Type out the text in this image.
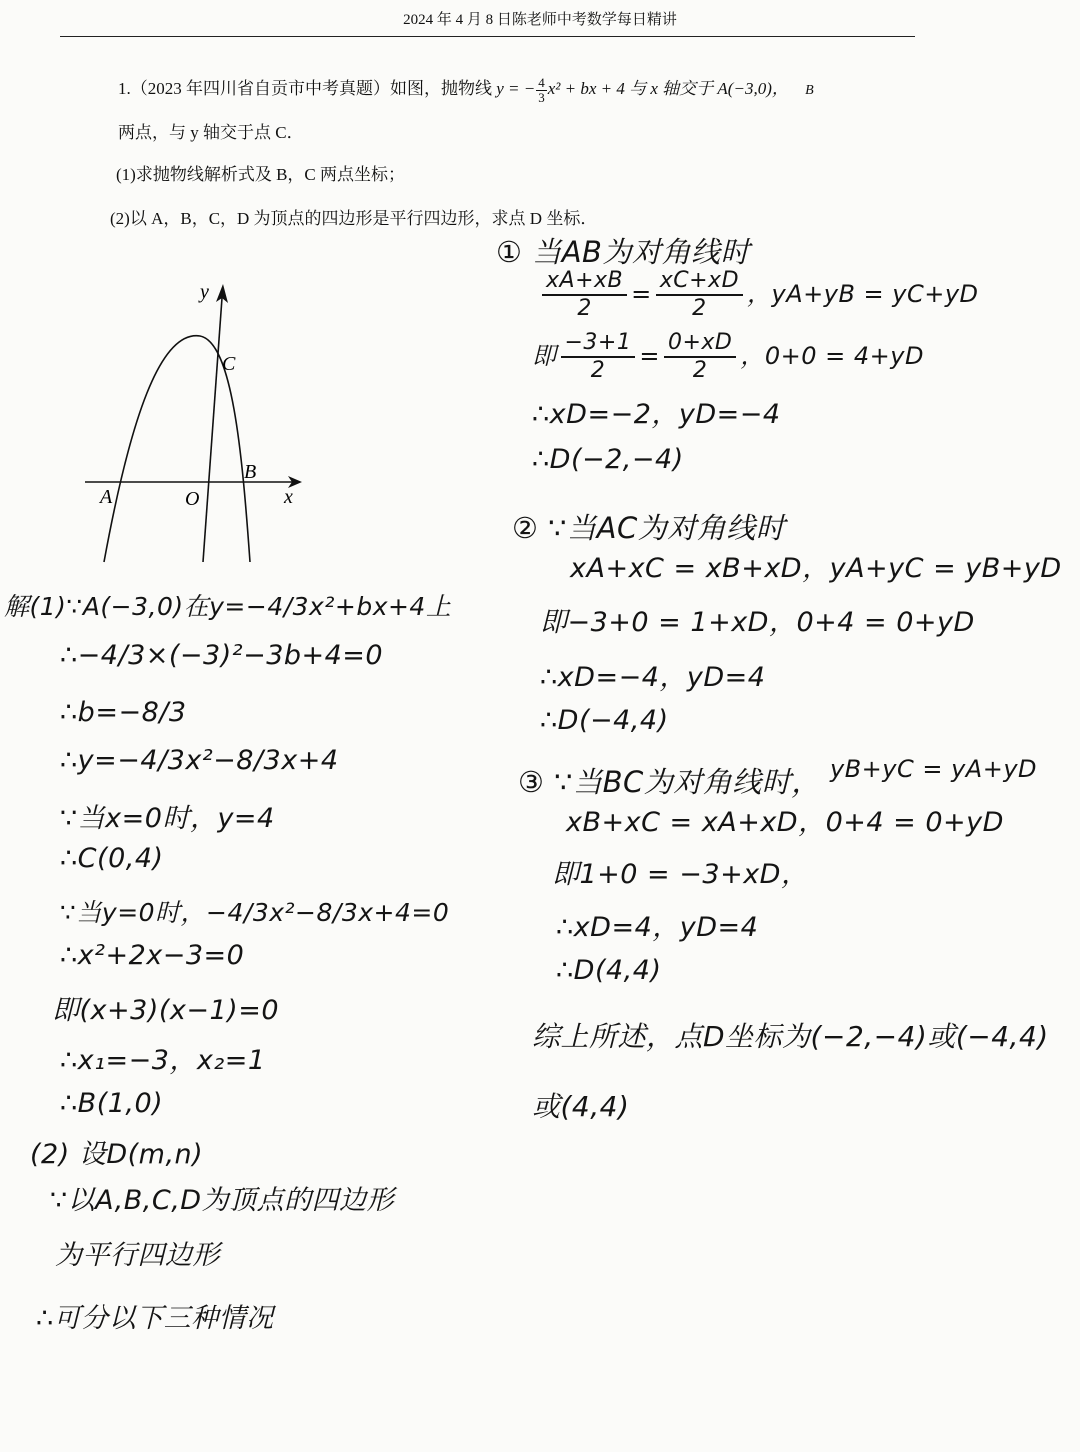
2024 年 4 月 8 日陈老师中考数学每日精讲
1.（2023 年四川省自贡市中考真题）如图，抛物线 y = − $\frac{4}{3} x^2$ + bx + 4 与 x 轴交于 A(−3,0)， B
两点，与 y 轴交于点 C．
(1)求抛物线解析式及 B，C 两点坐标；
(2)以 A，B，C，D 为顶点的四边形是平行四边形，求点 D 坐标．
y
x
A	O
B
C
解(1)∵A(−3,0)在y=−4/3x²+bx+4上
∴−4/3×(−3)²−3b+4=0
∴b=−8/3
∴y=−4/3x²−8/3x+4
∵当x=0时，y=4
∴C(0,4)
∵当y=0时，−4/3x²−8/3x+4=0
∴x²+2x−3=0
即(x+3)(x−1)=0
∴x₁=−3，x₂=1
∴B(1,0)
(2) 设D(m,n)
∵以A,B,C,D为顶点的四边形
为平行四边形
∴可分以下三种情况
① 当AB为对角线时
$\frac{xA+xB}{2} = \frac{xC+xD}{2}$ ，yA+yB = yC+yD
即 $\frac{-3+1}{2} = \frac{0+xD}{2}$ ，0+0 = 4+yD
∴xD=−2，yD=−4
∴D(−2,−4)
② ∵当AC为对角线时
xA+xC = xB+xD，yA+yC = yB+yD
即−3+0 = 1+xD，0+4 = 0+yD
∴xD=−4，yD=4
∴D(−4,4)
③ ∵当BC为对角线时， yB+yC = yA+yD
xB+xC = xA+xD，0+4 = 0+yD
即1+0 = −3+xD，
∴xD=4，yD=4
∴D(4,4)
综上所述，点D坐标为(−2,−4)或(−4,4)
或(4,4)
